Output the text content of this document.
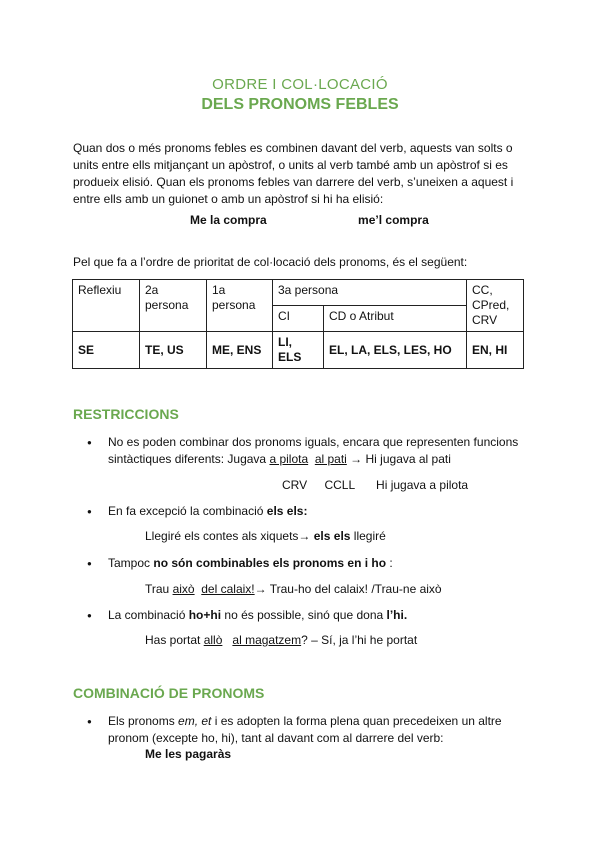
ORDRE I COL·LOCACIÓ
DELS PRONOMS FEBLES
Quan dos o més pronoms febles es combinen davant del verb, aquests van solts o units entre ells mitjançant un apòstrof, o units al verb també amb un apòstrof si es produeix elisió. Quan els pronoms febles van darrere del verb, s’uneixen a aquest i entre ells amb un guionet o amb un apòstrof si hi ha elisió:
Me la compra	me’l compra
Pel que fa a l’ordre de prioritat de col·locació dels pronoms, és el següent:
Reflexiu	2a persona	1a persona	3a persona		CC, CPred, CRV
			CI	CD o Atribut	
SE	TE, US	ME, ENS	LI, ELS	EL, LA, ELS, LES, HO	EN, HI
RESTRICCIONS
● No es poden combinar dos pronoms iguals, encara que representen funcions sintàctiques diferents: Jugava a pilota al pati → Hi jugava al pati
CRV CCLL Hi jugava a pilota
● En fa excepció la combinació els els:
Llegiré els contes als xiquets→ els els llegiré
● Tampoc no són combinables els pronoms en i ho :
Trau això del calaix!→ Trau-ho del calaix! /Trau-ne això
● La combinació ho+hi no és possible, sinó que dona l’hi.
Has portat allò al magatzem? – Sí, ja l’hi he portat
COMBINACIÓ DE PRONOMS
● Els pronoms em, et i es adopten la forma plena quan precedeixen un altre pronom (excepte ho, hi), tant al davant com al darrere del verb:
Me les pagaràs
